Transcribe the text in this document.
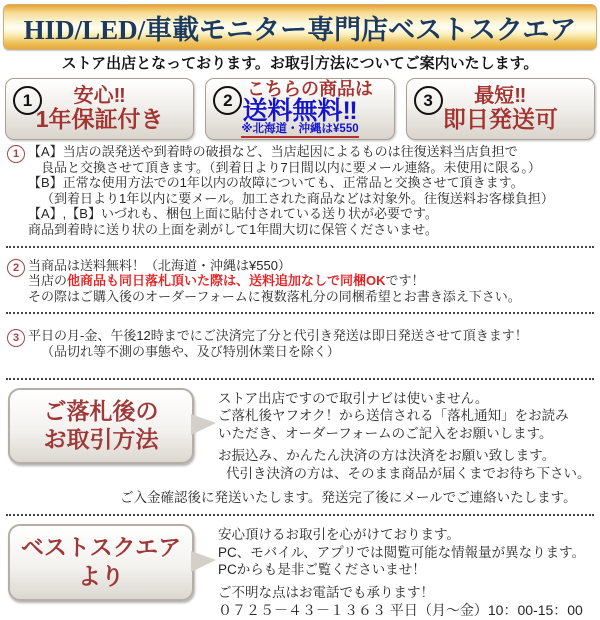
HID/LED/車載モニター専門店ベストスクエア
ストア出店となっております。お取引方法についてご案内いたします。
1	安心‼
1年保証付き
2
こちらの商品は
送料無料‼
※北海道・沖縄は¥550
3	最短‼
即日発送可
1 【A】当店の誤発送や到着時の破損など、当店起因によるものは往復送料当店負担で
良品と交換させて頂きます。（到着日より7日間以内に要メール連絡。未使用に限る。）
【B】正常な使用方法での1年以内の故障についても、正常品と交換させて頂きます。
（到着日より1年以内に要メール。加工された商品などは対象外。往復送料お客様負担）
【A】,【B】いづれも、梱包上面に貼付されている送り状が必要です。
商品到着時に送り状の上面を剥がして1年間大切に保管くださいませ。
2 当商品は送料無料！（北海道・沖縄は¥550）
当店の他商品も同日落札頂いた際は、送料追加なしで同梱OKです！
その際はご購入後のオーダーフォームに複数落札分の同梱希望とお書き添え下さい。
3 平日の月-金、午後12時までにご決済完了分と代引き発送は即日発送させて頂きます！
（品切れ等不測の事態や、及び特別休業日を除く）
ご落札後の
お取引方法
ストア出店ですので取引ナビは使いません。
ご落札後ヤフオク！から送信される「落札通知」をお読み
いただき、オーダーフォームのご記入をお願いします。
お振込み、かんたん決済の方は決済をお願い致します。
代引き決済の方は、そのまま商品が届くまでお待ち下さい。
ご入金確認後に発送いたします。発送完了後にメールでご連絡いたします。
ベストスクエア
より
安心頂けるお取引を心がけております。
PC、モバイル、アプリでは閲覧可能な情報量が異なります。
PCからも是非ご覧くださいませ！
ご不明な点はお電話でも承ります！
０７２５－４３－１３６３ 平日（月～金）10：00-15：00
